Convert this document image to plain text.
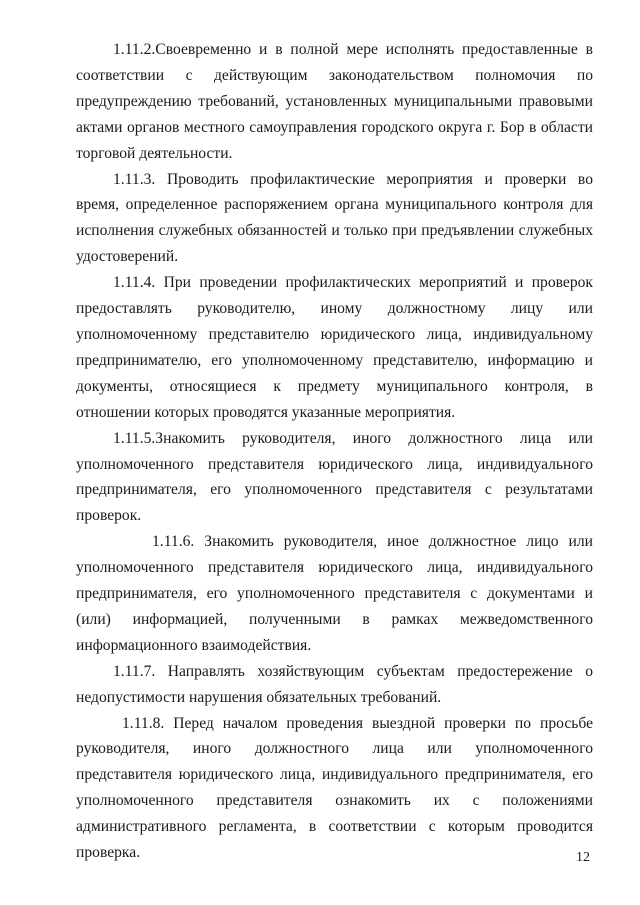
1.11.2.Своевременно и в полной мере исполнять предоставленные в соответствии с действующим законодательством полномочия по предупреждению требований, установленных муниципальными правовыми актами органов местного самоуправления городского округа г. Бор в области торговой деятельности.

1.11.3. Проводить профилактические мероприятия и проверки во время, определенное распоряжением органа муниципального контроля для исполнения служебных обязанностей и только при предъявлении служебных удостоверений.

1.11.4. При проведении профилактических мероприятий и проверок предоставлять руководителю, иному должностному лицу или уполномоченному представителю юридического лица, индивидуальному предпринимателю, его уполномоченному представителю, информацию и документы, относящиеся к предмету муниципального контроля, в отношении которых проводятся указанные мероприятия.

1.11.5.Знакомить руководителя, иного должностного лица или уполномоченного представителя юридического лица, индивидуального предпринимателя, его уполномоченного представителя с результатами проверок.

1.11.6. Знакомить руководителя, иное должностное лицо или уполномоченного представителя юридического лица, индивидуального предпринимателя, его уполномоченного представителя с документами и (или) информацией, полученными в рамках межведомственного информационного взаимодействия.

1.11.7. Направлять хозяйствующим субъектам предостережение о недопустимости нарушения обязательных требований.

1.11.8. Перед началом проведения выездной проверки по просьбе руководителя, иного должностного лица или уполномоченного представителя юридического лица, индивидуального предпринимателя, его уполномоченного представителя ознакомить их с положениями административного регламента, в соответствии с которым проводится проверка.	12
